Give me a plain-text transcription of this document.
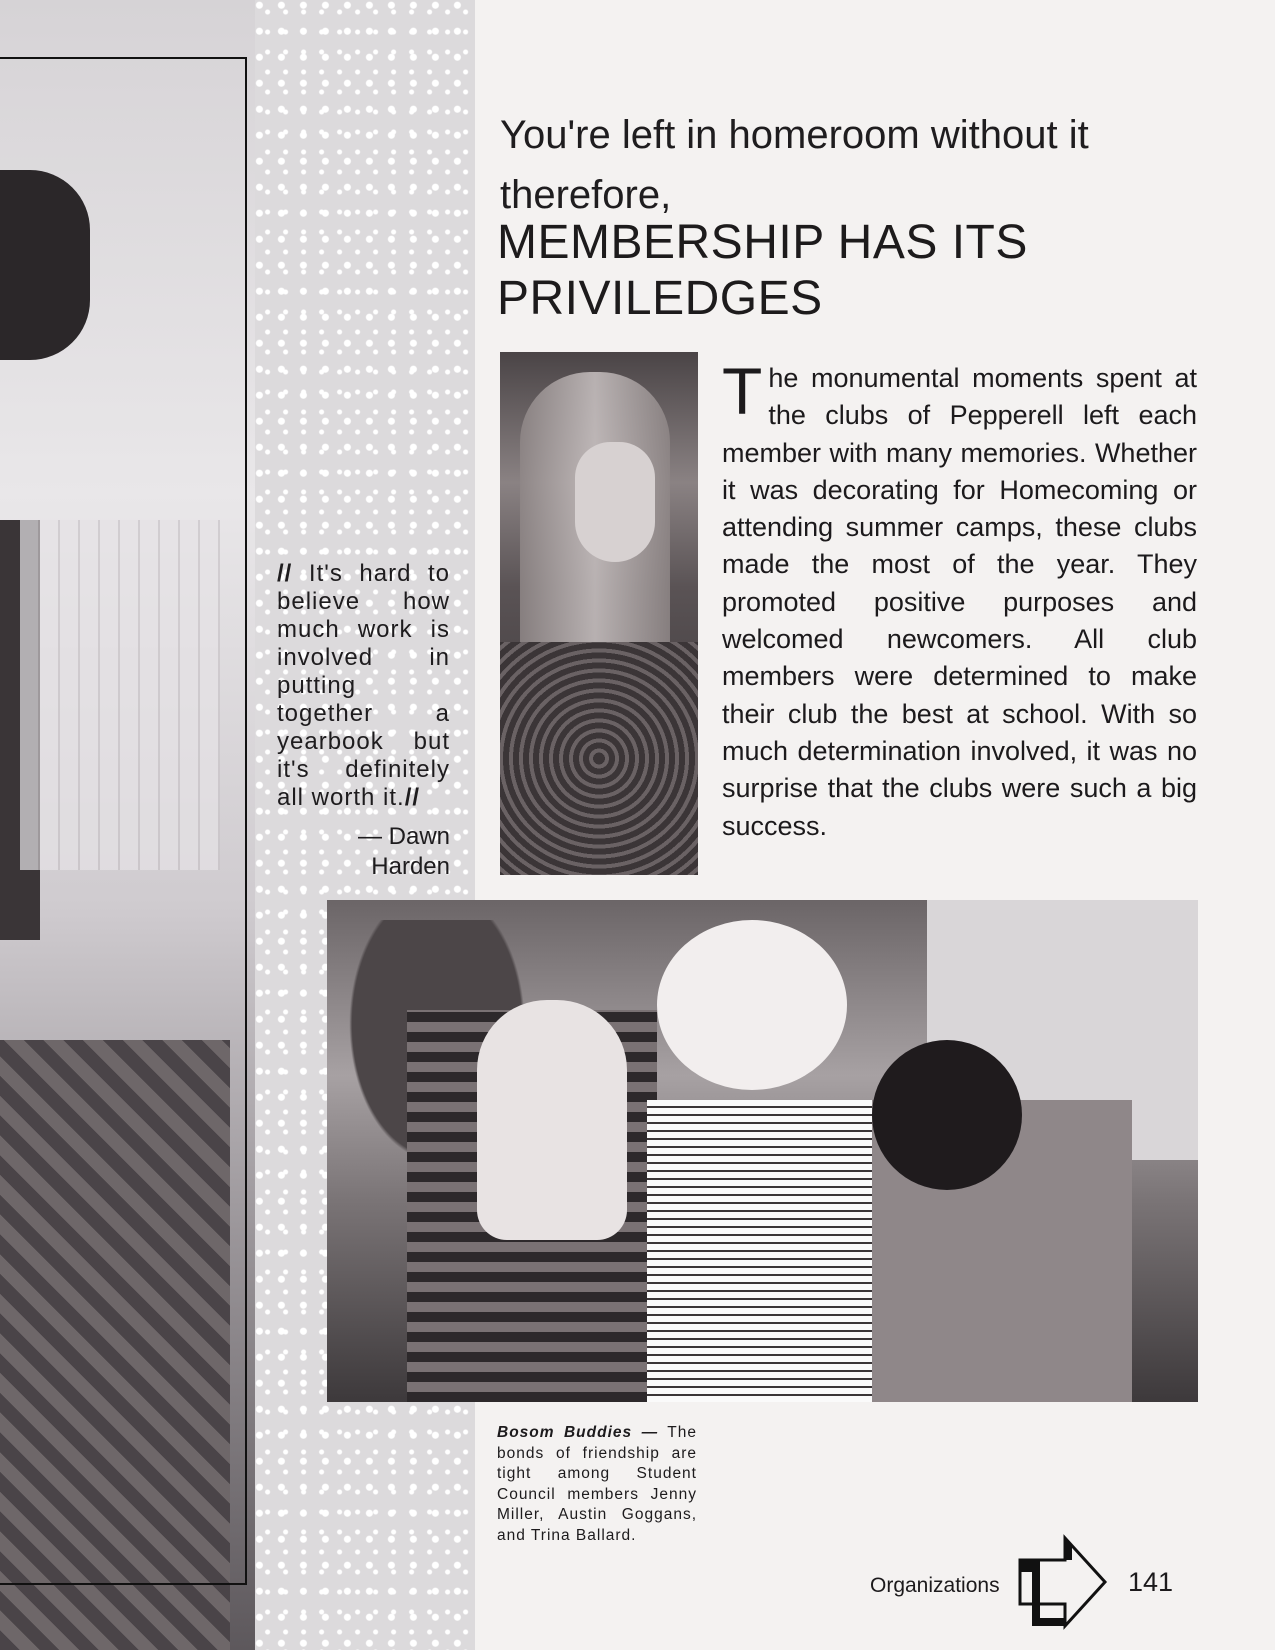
You're left in homeroom without it therefore,
MEMBERSHIP HAS ITS PRIVILEDGES
// It's hard to believe how much work is involved in putting together a yearbook but it's definitely all worth it.//
— Dawn
Harden

The monumental moments spent at the clubs of Pepperell left each member with many memories. Whether it was decorating for Homecoming or attending summer camps, these clubs made the most of the year. They promoted positive purposes and welcomed newcomers. All club members were determined to make their club the best at school. With so much determination involved, it was no surprise that the clubs were such a big success.

Bosom Buddies — The bonds of friendship are tight among Student Council members Jenny Miller, Austin Goggans, and Trina Ballard.
Organizations	141
